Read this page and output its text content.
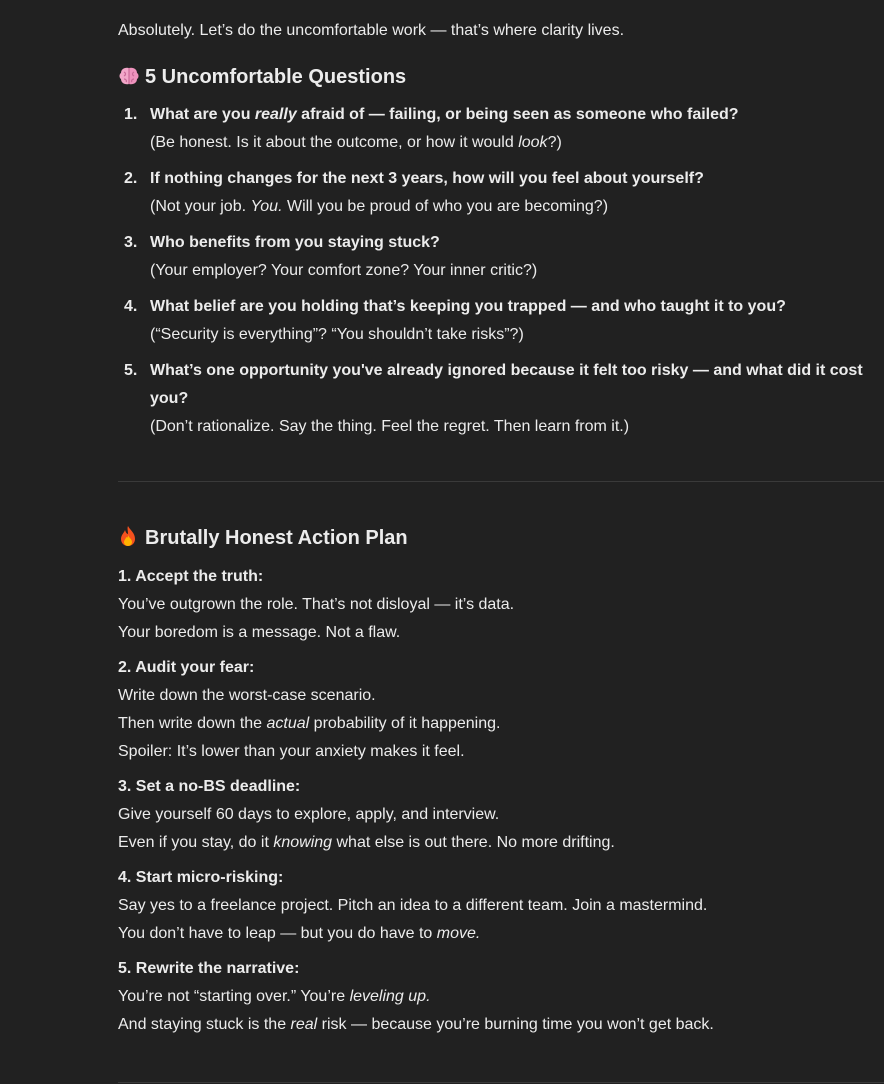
Absolutely. Let’s do the uncomfortable work — that’s where clarity lives.
5 Uncomfortable Questions
1. What are you really afraid of — failing, or being seen as someone who failed?
(Be honest. Is it about the outcome, or how it would look?)
2. If nothing changes for the next 3 years, how will you feel about yourself?
(Not your job. You. Will you be proud of who you are becoming?)
3. Who benefits from you staying stuck?
(Your employer? Your comfort zone? Your inner critic?)
4. What belief are you holding that’s keeping you trapped — and who taught it to you?
(“Security is everything”? “You shouldn’t take risks”?)
5. What’s one opportunity you've already ignored because it felt too risky — and what did it cost you?
(Don’t rationalize. Say the thing. Feel the regret. Then learn from it.)
Brutally Honest Action Plan
1. Accept the truth:
You’ve outgrown the role. That’s not disloyal — it’s data.
Your boredom is a message. Not a flaw.
2. Audit your fear:
Write down the worst-case scenario.
Then write down the actual probability of it happening.
Spoiler: It’s lower than your anxiety makes it feel.
3. Set a no-BS deadline:
Give yourself 60 days to explore, apply, and interview.
Even if you stay, do it knowing what else is out there. No more drifting.
4. Start micro-risking:
Say yes to a freelance project. Pitch an idea to a different team. Join a mastermind.
You don’t have to leap — but you do have to move.
5. Rewrite the narrative:
You’re not “starting over.” You’re leveling up.
And staying stuck is the real risk — because you’re burning time you won’t get back.
